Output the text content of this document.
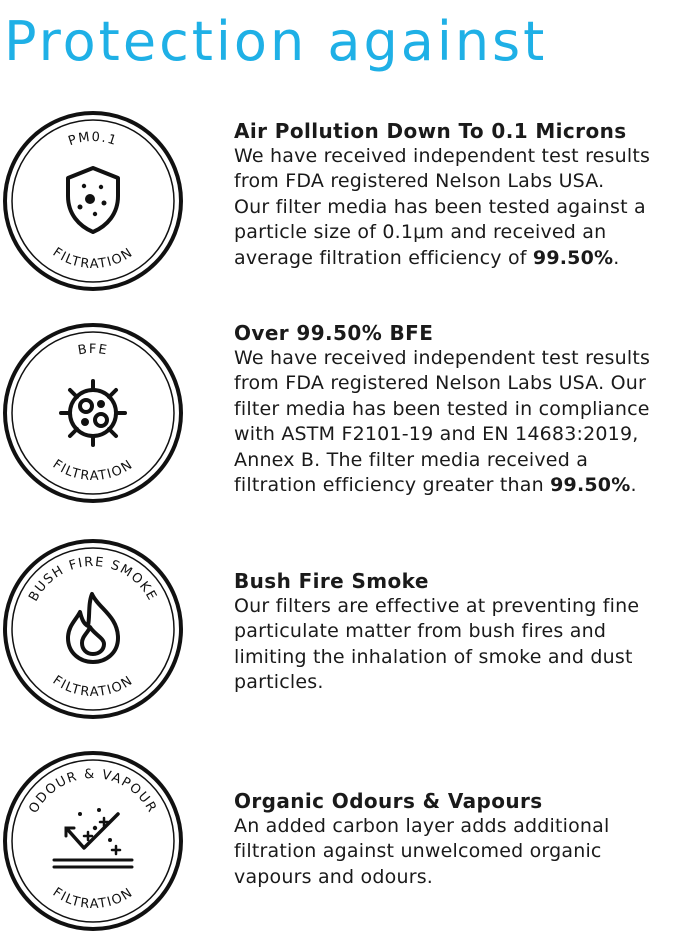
Protection against
PM0.1
FILTRATION
Air Pollution Down To 0.1 Microns

We have received independent test results
from FDA registered Nelson Labs USA.
Our filter media has been tested against a
particle size of 0.1μm and received an
average filtration efficiency of 99.50%.

BFE
FILTRATION
Over 99.50% BFE

We have received independent test results
from FDA registered Nelson Labs USA. Our
filter media has been tested in compliance
with ASTM F2101-19 and EN 14683:2019,
Annex B. The filter media received a
filtration efficiency greater than 99.50%.

BUSH FIRE SMOKE
FILTRATION
Bush Fire Smoke

Our filters are effective at preventing fine
particulate matter from bush fires and
limiting the inhalation of smoke and dust
particles.

ODOUR & VAPOUR
FILTRATION
Organic Odours & Vapours

An added carbon layer adds additional
filtration against unwelcomed organic
vapours and odours.
